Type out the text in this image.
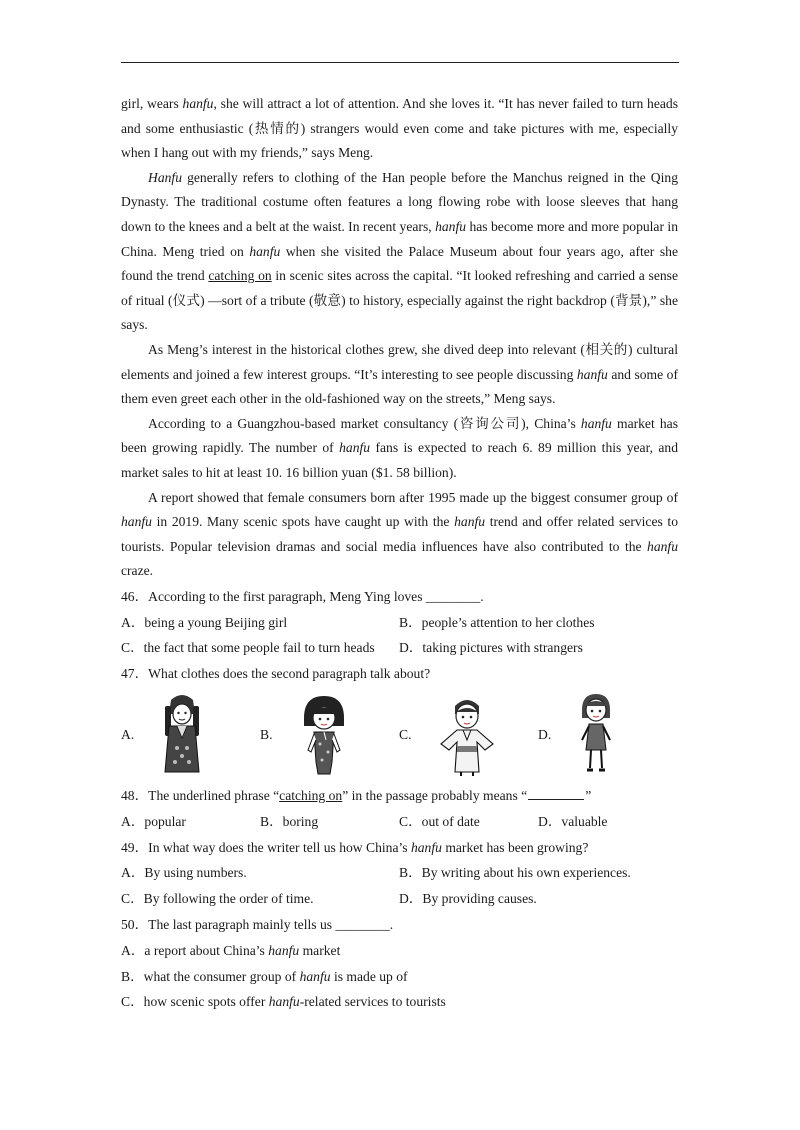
girl, wears hanfu, she will attract a lot of attention. And she loves it. “It has never failed to turn heads and some enthusiastic (热情的) strangers would even come and take pictures with me, especially when I hang out with my friends,” says Meng.

Hanfu generally refers to clothing of the Han people before the Manchus reigned in the Qing Dynasty. The traditional costume often features a long flowing robe with loose sleeves that hang down to the knees and a belt at the waist. In recent years, hanfu has become more and more popular in China. Meng tried on hanfu when she visited the Palace Museum about four years ago, after she found the trend catching on in scenic sites across the capital. “It looked refreshing and carried a sense of ritual (仪式) —sort of a tribute (敬意) to history, especially against the right backdrop (背景),” she says.

As Meng’s interest in the historical clothes grew, she dived deep into relevant (相关的) cultural elements and joined a few interest groups. “It’s interesting to see people discussing hanfu and some of them even greet each other in the old-fashioned way on the streets,” Meng says.

According to a Guangzhou-based market consultancy (咨询公司), China’s hanfu market has been growing rapidly. The number of hanfu fans is expected to reach 6. 89 million this year, and market sales to hit at least 10. 16 billion yuan ($1. 58 billion).

A report showed that female consumers born after 1995 made up the biggest consumer group of hanfu in 2019. Many scenic spots have caught up with the hanfu trend and offer related services to tourists. Popular television dramas and social media influences have also contributed to the hanfu craze.

46．According to the first paragraph, Meng Ying loves ________.
A．being a young Beijing girl	B．people’s attention to her clothes
C．the fact that some people fail to turn heads	D．taking pictures with strangers
47．What clothes does the second paragraph talk about?
A.	B.	C.	D.
48．The underlined phrase “catching on” in the passage probably means “	”
A．popular	B．boring	C．out of date	D．valuable
49．In what way does the writer tell us how China’s hanfu market has been growing?
A．By using numbers.	B．By writing about his own experiences.
C．By following the order of time.	D．By providing causes.
50．The last paragraph mainly tells us ________.
A．a report about China’s hanfu market
B．what the consumer group of hanfu is made up of
C．how scenic spots offer hanfu-related services to tourists
